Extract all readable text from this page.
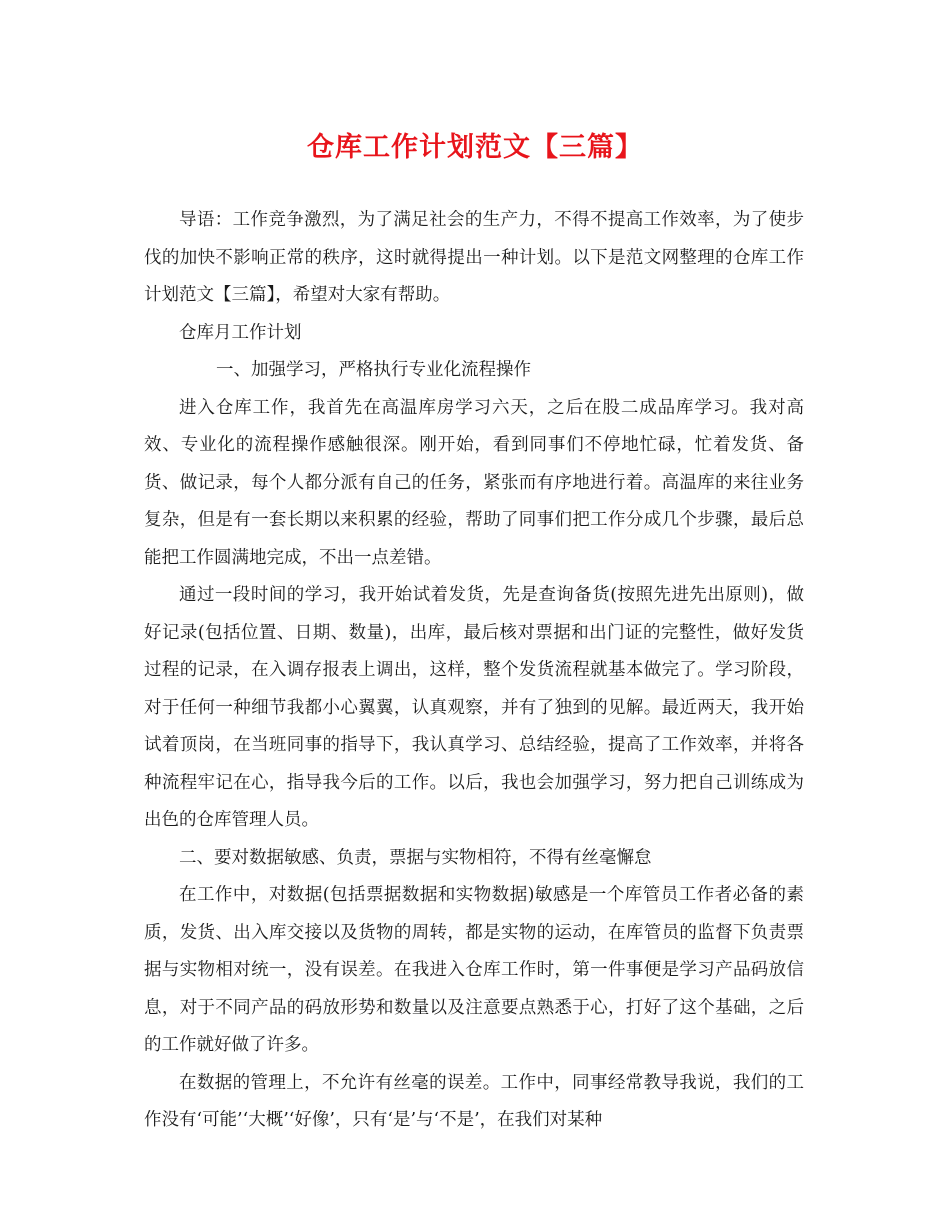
仓库工作计划范文【三篇】

导语：工作竞争激烈，为了满足社会的生产力，不得不提高工作效率，为了使步伐的加快不影响正常的秩序，这时就得提出一种计划。以下是范文网整理的仓库工作计划范文【三篇】，希望对大家有帮助。

仓库月工作计划

一、加强学习，严格执行专业化流程操作

进入仓库工作，我首先在高温库房学习六天，之后在股二成品库学习。我对高效、专业化的流程操作感触很深。刚开始，看到同事们不停地忙碌，忙着发货、备货、做记录，每个人都分派有自己的任务，紧张而有序地进行着。高温库的来往业务复杂，但是有一套长期以来积累的经验，帮助了同事们把工作分成几个步骤，最后总能把工作圆满地完成，不出一点差错。

通过一段时间的学习，我开始试着发货，先是查询备货(按照先进先出原则)，做好记录(包括位置、日期、数量)，出库，最后核对票据和出门证的完整性，做好发货过程的记录，在入调存报表上调出，这样，整个发货流程就基本做完了。学习阶段，对于任何一种细节我都小心翼翼，认真观察，并有了独到的见解。最近两天，我开始试着顶岗，在当班同事的指导下，我认真学习、总结经验，提高了工作效率，并将各种流程牢记在心，指导我今后的工作。以后，我也会加强学习，努力把自己训练成为出色的仓库管理人员。

二、要对数据敏感、负责，票据与实物相符，不得有丝毫懈怠

在工作中，对数据(包括票据数据和实物数据)敏感是一个库管员工作者必备的素质，发货、出入库交接以及货物的周转，都是实物的运动，在库管员的监督下负责票据与实物相对统一，没有误差。在我进入仓库工作时，第一件事便是学习产品码放信息，对于不同产品的码放形势和数量以及注意要点熟悉于心，打好了这个基础，之后的工作就好做了许多。

在数据的管理上，不允许有丝毫的误差。工作中，同事经常教导我说，我们的工作没有‘可能’‘大概’‘好像’，只有‘是’与‘不是’，在我们对某种
